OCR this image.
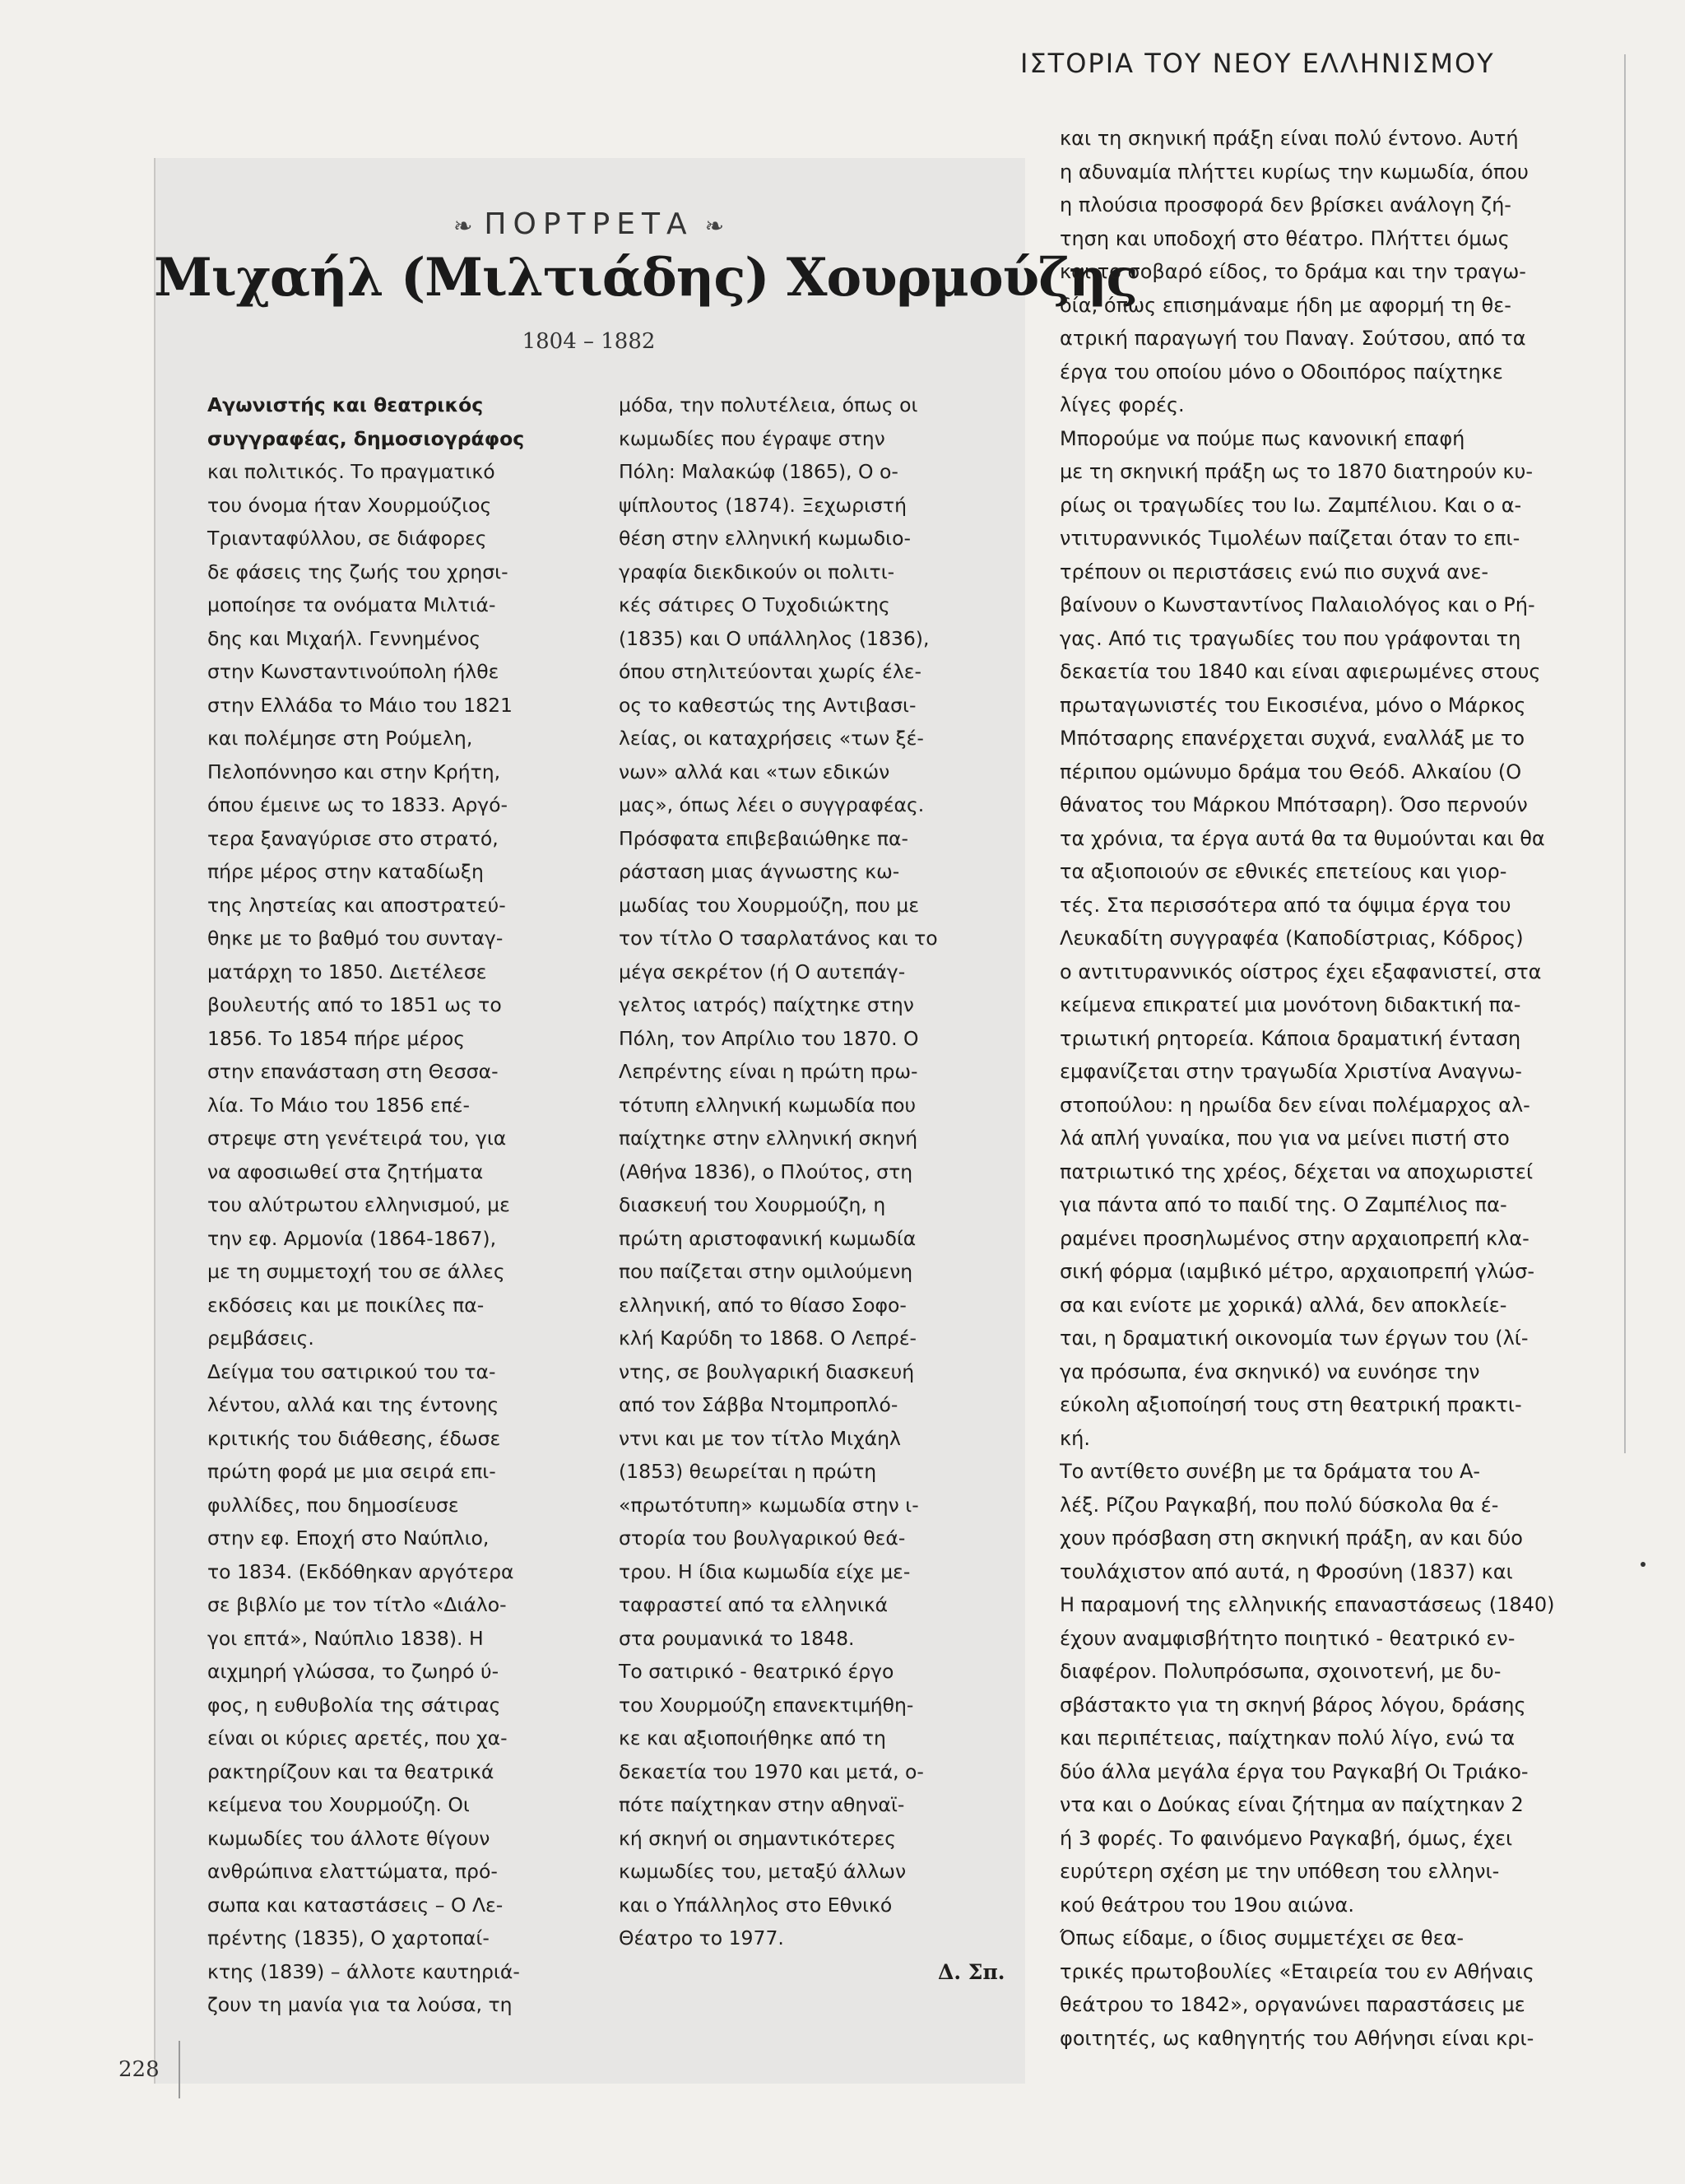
ΙΣΤΟΡΙΑ ΤΟΥ ΝΕΟΥ ΕΛΛΗΝΙΣΜΟΥ
❧ ΠΟΡΤΡΕΤΑ ❧
Μιχαήλ (Μιλτιάδης) Χουρμούζης
1804 – 1882
Αγωνιστής και θεατρικός
συγγραφέας, δημοσιογράφος
και πολιτικός. Το πραγματικό
του όνομα ήταν Χουρμούζιος
Τριανταφύλλου, σε διάφορες
δε φάσεις της ζωής του χρησι-
μοποίησε τα ονόματα Μιλτιά-
δης και Μιχαήλ. Γεννημένος
στην Κωνσταντινούπολη ήλθε
στην Ελλάδα το Μάιο του 1821
και πολέμησε στη Ρούμελη,
Πελοπόννησο και στην Κρήτη,
όπου έμεινε ως το 1833. Αργό-
τερα ξαναγύρισε στο στρατό,
πήρε μέρος στην καταδίωξη
της ληστείας και αποστρατεύ-
θηκε με το βαθμό του συνταγ-
ματάρχη το 1850. Διετέλεσε
βουλευτής από το 1851 ως το
1856. Το 1854 πήρε μέρος
στην επανάσταση στη Θεσσα-
λία. Το Μάιο του 1856 επέ-
στρεψε στη γενέτειρά του, για
να αφοσιωθεί στα ζητήματα
του αλύτρωτου ελληνισμού, με
την εφ. Αρμονία (1864-1867),
με τη συμμετοχή του σε άλλες
εκδόσεις και με ποικίλες πα-
ρεμβάσεις.
Δείγμα του σατιρικού του τα-
λέντου, αλλά και της έντονης
κριτικής του διάθεσης, έδωσε
πρώτη φορά με μια σειρά επι-
φυλλίδες, που δημοσίευσε
στην εφ. Εποχή στο Ναύπλιο,
το 1834. (Εκδόθηκαν αργότερα
σε βιβλίο με τον τίτλο «Διάλο-
γοι επτά», Ναύπλιο 1838). Η
αιχμηρή γλώσσα, το ζωηρό ύ-
φος, η ευθυβολία της σάτιρας
είναι οι κύριες αρετές, που χα-
ρακτηρίζουν και τα θεατρικά
κείμενα του Χουρμούζη. Οι
κωμωδίες του άλλοτε θίγουν
ανθρώπινα ελαττώματα, πρό-
σωπα και καταστάσεις – Ο Λε-
πρέντης (1835), Ο χαρτοπαί-
κτης (1839) – άλλοτε καυτηριά-
ζουν τη μανία για τα λούσα, τη
μόδα, την πολυτέλεια, όπως οι
κωμωδίες που έγραψε στην
Πόλη: Μαλακώφ (1865), Ο ο-
ψίπλουτος (1874). Ξεχωριστή
θέση στην ελληνική κωμωδιο-
γραφία διεκδικούν οι πολιτι-
κές σάτιρες Ο Τυχοδιώκτης
(1835) και Ο υπάλληλος (1836),
όπου στηλιτεύονται χωρίς έλε-
ος το καθεστώς της Αντιβασι-
λείας, οι καταχρήσεις «των ξέ-
νων» αλλά και «των εδικών
μας», όπως λέει ο συγγραφέας.
Πρόσφατα επιβεβαιώθηκε πα-
ράσταση μιας άγνωστης κω-
μωδίας του Χουρμούζη, που με
τον τίτλο Ο τσαρλατάνος και το
μέγα σεκρέτον (ή Ο αυτεπάγ-
γελτος ιατρός) παίχτηκε στην
Πόλη, τον Απρίλιο του 1870. Ο
Λεπρέντης είναι η πρώτη πρω-
τότυπη ελληνική κωμωδία που
παίχτηκε στην ελληνική σκηνή
(Αθήνα 1836), ο Πλούτος, στη
διασκευή του Χουρμούζη, η
πρώτη αριστοφανική κωμωδία
που παίζεται στην ομιλούμενη
ελληνική, από το θίασο Σοφο-
κλή Καρύδη το 1868. Ο Λεπρέ-
ντης, σε βουλγαρική διασκευή
από τον Σάββα Ντομπροπλό-
ντνι και με τον τίτλο Μιχάηλ
(1853) θεωρείται η πρώτη
«πρωτότυπη» κωμωδία στην ι-
στορία του βουλγαρικού θεά-
τρου. Η ίδια κωμωδία είχε με-
ταφραστεί από τα ελληνικά
στα ρουμανικά το 1848.
Το σατιρικό - θεατρικό έργο
του Χουρμούζη επανεκτιμήθη-
κε και αξιοποιήθηκε από τη
δεκαετία του 1970 και μετά, ο-
πότε παίχτηκαν στην αθηναϊ-
κή σκηνή οι σημαντικότερες
κωμωδίες του, μεταξύ άλλων
και ο Υπάλληλος στο Εθνικό
Θέατρο το 1977.
και τη σκηνική πράξη είναι πολύ έντονο. Αυτή
η αδυναμία πλήττει κυρίως την κωμωδία, όπου
η πλούσια προσφορά δεν βρίσκει ανάλογη ζή-
τηση και υποδοχή στο θέατρο. Πλήττει όμως
και το σοβαρό είδος, το δράμα και την τραγω-
δία, όπως επισημάναμε ήδη με αφορμή τη θε-
ατρική παραγωγή του Παναγ. Σούτσου, από τα
έργα του οποίου μόνο ο Οδοιπόρος παίχτηκε
λίγες φορές.
Μπορούμε να πούμε πως κανονική επαφή
με τη σκηνική πράξη ως το 1870 διατηρούν κυ-
ρίως οι τραγωδίες του Ιω. Ζαμπέλιου. Και ο α-
ντιτυραννικός Τιμολέων παίζεται όταν το επι-
τρέπουν οι περιστάσεις ενώ πιο συχνά ανε-
βαίνουν ο Κωνσταντίνος Παλαιολόγος και ο Ρή-
γας. Από τις τραγωδίες του που γράφονται τη
δεκαετία του 1840 και είναι αφιερωμένες στους
πρωταγωνιστές του Εικοσιένα, μόνο ο Μάρκος
Μπότσαρης επανέρχεται συχνά, εναλλάξ με το
πέριπου ομώνυμο δράμα του Θεόδ. Αλκαίου (Ο
θάνατος του Μάρκου Μπότσαρη). Όσο περνούν
τα χρόνια, τα έργα αυτά θα τα θυμούνται και θα
τα αξιοποιούν σε εθνικές επετείους και γιορ-
τές. Στα περισσότερα από τα όψιμα έργα του
Λευκαδίτη συγγραφέα (Καποδίστριας, Κόδρος)
ο αντιτυραννικός οίστρος έχει εξαφανιστεί, στα
κείμενα επικρατεί μια μονότονη διδακτική πα-
τριωτική ρητορεία. Κάποια δραματική ένταση
εμφανίζεται στην τραγωδία Χριστίνα Αναγνω-
στοπούλου: η ηρωίδα δεν είναι πολέμαρχος αλ-
λά απλή γυναίκα, που για να μείνει πιστή στο
πατριωτικό της χρέος, δέχεται να αποχωριστεί
για πάντα από το παιδί της. Ο Ζαμπέλιος πα-
ραμένει προσηλωμένος στην αρχαιοπρεπή κλα-
σική φόρμα (ιαμβικό μέτρο, αρχαιοπρεπή γλώσ-
σα και ενίοτε με χορικά) αλλά, δεν αποκλείε-
ται, η δραματική οικονομία των έργων του (λί-
γα πρόσωπα, ένα σκηνικό) να ευνόησε την
εύκολη αξιοποίησή τους στη θεατρική πρακτι-
κή.
Το αντίθετο συνέβη με τα δράματα του Α-
λέξ. Ρίζου Ραγκαβή, που πολύ δύσκολα θα έ-
χουν πρόσβαση στη σκηνική πράξη, αν και δύο
τουλάχιστον από αυτά, η Φροσύνη (1837) και
Η παραμονή της ελληνικής επαναστάσεως (1840)
έχουν αναμφισβήτητο ποιητικό - θεατρικό εν-
διαφέρον. Πολυπρόσωπα, σχοινοτενή, με δυ-
σβάστακτο για τη σκηνή βάρος λόγου, δράσης
και περιπέτειας, παίχτηκαν πολύ λίγο, ενώ τα
δύο άλλα μεγάλα έργα του Ραγκαβή Οι Τριάκο-
ντα και ο Δούκας είναι ζήτημα αν παίχτηκαν 2
ή 3 φορές. Το φαινόμενο Ραγκαβή, όμως, έχει
ευρύτερη σχέση με την υπόθεση του ελληνι-
κού θεάτρου του 19ου αιώνα.
Όπως είδαμε, ο ίδιος συμμετέχει σε θεα-
τρικές πρωτοβουλίες «Εταιρεία του εν Αθήναις
θεάτρου το 1842», οργανώνει παραστάσεις με
φοιτητές, ως καθηγητής του Αθήνησι είναι κρι-
Δ. Σπ.
228
